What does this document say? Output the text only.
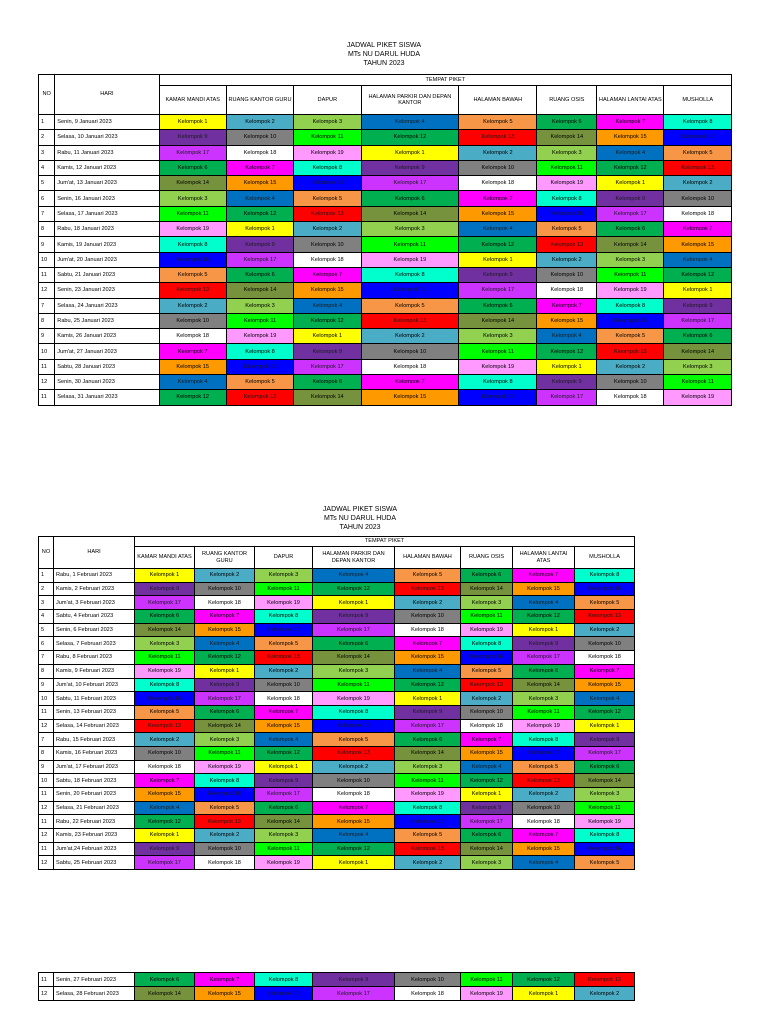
JADWAL PIKET SISWA
MTs NU DARUL HUDA
TAHUN 2023
NO	HARI	TEMPAT PIKET							
		KAMAR MANDI ATAS	RUANG KANTOR GURU	DAPUR	HALAMAN PARKIR DAN DEPAN KANTOR	HALAMAN BAWAH	RUANG OSIS	HALAMAN LANTAI ATAS	MUSHOLLA
1	Senin, 9 Januari 2023	Kelompok 1	Kelompok 2	Kelompok 3	Kelompok 4	Kelompok 5	Kelompok 6	Kelompok 7	Kelompok 8
2	Selasa, 10 Januari 2023	Kelompok 9	Kelompok 10	Kelompok 11	Kelompok 12	Kelompok 13	Kelompok 14	Kelompok 15	Kelompok 16
3	Rabu, 11 Januari 2023	Kelompok 17	Kelompok 18	Kelompok 19	Kelompok 1	Kelompok 2	Kelompok 3	Kelompok 4	Kelompok 5
4	Kamis, 12 Januari 2023	Kelompok 6	Kelompok 7	Kelompok 8	Kelompok 9	Kelompok 10	Kelompok 11	Kelompok 12	Kelompok 13
5	Jum'at, 13 Januari 2023	Kelompok 14	Kelompok 15	Kelompok 16	Kelompok 17	Kelompok 18	Kelompok 19	Kelompok 1	Kelompok 2
6	Senin, 16 Januari 2023	Kelompok 3	Kelompok 4	Kelompok 5	Kelompok 6	Kelompok 7	Kelompok 8	Kelompok 9	Kelompok 10
7	Selasa, 17 Januari 2023	Kelompok 11	Kelompok 12	Kelompok 13	Kelompok 14	Kelompok 15	Kelompok 16	Kelompok 17	Kelompok 18
8	Rabu, 18 Januari 2023	Kelompok 19	Kelompok 1	Kelompok 2	Kelompok 3	Kelompok 4	Kelompok 5	Kelompok 6	Kelompok 7
9	Kamis, 19 Januari 2023	Kelompok 8	Kelompok 9	Kelompok 10	Kelompok 11	Kelompok 12	Kelompok 13	Kelompok 14	Kelompok 15
10	Jum'at, 20 Januari 2023	Kelompok 16	Kelompok 17	Kelompok 18	Kelompok 19	Kelompok 1	Kelompok 2	Kelompok 3	Kelompok 4
11	Sabtu, 21 Januari 2023	Kelompok 5	Kelompok 6	Kelompok 7	Kelompok 8	Kelompok 9	Kelompok 10	Kelompok 11	Kelompok 12
12	Senin, 23 Januari 2023	Kelompok 13	Kelompok 14	Kelompok 15	Kelompok 16	Kelompok 17	Kelompok 18	Kelompok 19	Kelompok 1
7	Selasa, 24 Januari 2023	Kelompok 2	Kelompok 3	Kelompok 4	Kelompok 5	Kelompok 6	Kelompok 7	Kelompok 8	Kelompok 9
8	Rabu, 25 Januari 2023	Kelompok 10	Kelompok 11	Kelompok 12	Kelompok 13	Kelompok 14	Kelompok 15	Kelompok 16	Kelompok 17
9	Kamis, 26 Januari 2023	Kelompok 18	Kelompok 19	Kelompok 1	Kelompok 2	Kelompok 3	Kelompok 4	Kelompok 5	Kelompok 6
10	Jum'at, 27 Januari 2023	Kelompok 7	Kelompok 8	Kelompok 9	Kelompok 10	Kelompok 11	Kelompok 12	Kelompok 13	Kelompok 14
11	Sabtu, 28 Januari 2023	Kelompok 15	Kelompok 16	Kelompok 17	Kelompok 18	Kelompok 19	Kelompok 1	Kelompok 2	Kelompok 3
12	Senin, 30 Januari 2023	Kelompok 4	Kelompok 5	Kelompok 6	Kelompok 7	Kelompok 8	Kelompok 9	Kelompok 10	Kelompok 11
11	Selasa, 31 Januari 2023	Kelompok 12	Kelompok 13	Kelompok 14	Kelompok 15	Kelompok 16	Kelompok 17	Kelompok 18	Kelompok 19
JADWAL PIKET SISWA
MTs NU DARUL HUDA
TAHUN 2023
NO	HARI	TEMPAT PIKET							
		KAMAR MANDI ATAS	RUANG KANTOR GURU	DAPUR	HALAMAN PARKIR DAN DEPAN KANTOR	HALAMAN BAWAH	RUANG OSIS	HALAMAN LANTAI ATAS	MUSHOLLA
1	Rabu, 1 Februari 2023	Kelompok 1	Kelompok 2	Kelompok 3	Kelompok 4	Kelompok 5	Kelompok 6	Kelompok 7	Kelompok 8
2	Kamis, 2 Februari 2023	Kelompok 9	Kelompok 10	Kelompok 11	Kelompok 12	Kelompok 13	Kelompok 14	Kelompok 15	Kelompok 16
3	Jum'at, 3 Februari 2023	Kelompok 17	Kelompok 18	Kelompok 19	Kelompok 1	Kelompok 2	Kelompok 3	Kelompok 4	Kelompok 5
4	Sabtu, 4 Februari 2023	Kelompok 6	Kelompok 7	Kelompok 8	Kelompok 9	Kelompok 10	Kelompok 11	Kelompok 12	Kelompok 13
5	Senin, 6 Februari 2023	Kelompok 14	Kelompok 15	Kelompok 16	Kelompok 17	Kelompok 18	Kelompok 19	Kelompok 1	Kelompok 2
6	Selasa, 7 Februari 2023	Kelompok 3	Kelompok 4	Kelompok 5	Kelompok 6	Kelompok 7	Kelompok 8	Kelompok 9	Kelompok 10
7	Rabu, 8 Februari 2023	Kelompok 11	Kelompok 12	Kelompok 13	Kelompok 14	Kelompok 15	Kelompok 16	Kelompok 17	Kelompok 18
8	Kamis, 9 Februari 2023	Kelompok 19	Kelompok 1	Kelompok 2	Kelompok 3	Kelompok 4	Kelompok 5	Kelompok 6	Kelompok 7
9	Jum'at, 10 Februari 2023	Kelompok 8	Kelompok 9	Kelompok 10	Kelompok 11	Kelompok 12	Kelompok 13	Kelompok 14	Kelompok 15
10	Sabtu, 11 Februari 2023	Kelompok 16	Kelompok 17	Kelompok 18	Kelompok 19	Kelompok 1	Kelompok 2	Kelompok 3	Kelompok 4
11	Senin, 13 Februari 2023	Kelompok 5	Kelompok 6	Kelompok 7	Kelompok 8	Kelompok 9	Kelompok 10	Kelompok 11	Kelompok 12
12	Selasa, 14 Februari 2023	Kelompok 13	Kelompok 14	Kelompok 15	Kelompok 16	Kelompok 17	Kelompok 18	Kelompok 19	Kelompok 1
7	Rabu, 15 Februari 2023	Kelompok 2	Kelompok 3	Kelompok 4	Kelompok 5	Kelompok 6	Kelompok 7	Kelompok 8	Kelompok 9
8	Kamis, 16 Februari 2023	Kelompok 10	Kelompok 11	Kelompok 12	Kelompok 13	Kelompok 14	Kelompok 15	Kelompok 16	Kelompok 17
9	Jum'at, 17 Februari 2023	Kelompok 18	Kelompok 19	Kelompok 1	Kelompok 2	Kelompok 3	Kelompok 4	Kelompok 5	Kelompok 6
10	Sabtu, 18 Februari 2023	Kelompok 7	Kelompok 8	Kelompok 9	Kelompok 10	Kelompok 11	Kelompok 12	Kelompok 13	Kelompok 14
11	Senin, 20 Februari 2023	Kelompok 15	Kelompok 16	Kelompok 17	Kelompok 18	Kelompok 19	Kelompok 1	Kelompok 2	Kelompok 3
12	Selasa, 21 Februari 2023	Kelompok 4	Kelompok 5	Kelompok 6	Kelompok 7	Kelompok 8	Kelompok 9	Kelompok 10	Kelompok 11
11	Rabu, 22 Februari 2023	Kelompok 12	Kelompok 13	Kelompok 14	Kelompok 15	Kelompok 16	Kelompok 17	Kelompok 18	Kelompok 19
12	Kamis, 23 Februari 2023	Kelompok 1	Kelompok 2	Kelompok 3	Kelompok 4	Kelompok 5	Kelompok 6	Kelompok 7	Kelompok 8
11	Jum'at,24 Februari 2023	Kelompok 9	Kelompok 10	Kelompok 11	Kelompok 12	Kelompok 13	Kelompok 14	Kelompok 15	Kelompok 16
12	Sabtu, 25 Februari 2023	Kelompok 17	Kelompok 18	Kelompok 19	Kelompok 1	Kelompok 2	Kelompok 3	Kelompok 4	Kelompok 5
11	Senin, 27 Februari 2023	Kelompok 6	Kelompok 7	Kelompok 8	Kelompok 9	Kelompok 10	Kelompok 11	Kelompok 12	Kelompok 13
12	Selasa, 28 Februari 2023	Kelompok 14	Kelompok 15	Kelompok 16	Kelompok 17	Kelompok 18	Kelompok 19	Kelompok 1	Kelompok 2
